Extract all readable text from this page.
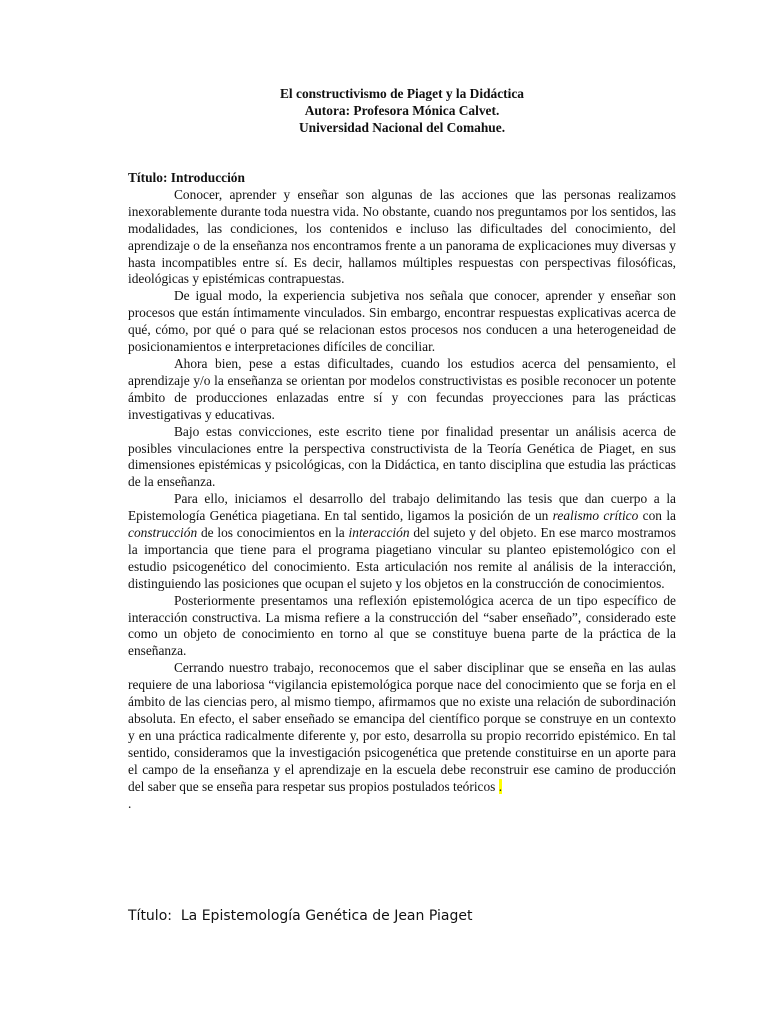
El constructivismo de Piaget y la Didáctica
Autora: Profesora Mónica Calvet.
Universidad Nacional del Comahue.

Título: Introducción

Conocer, aprender y enseñar son algunas de las acciones que las personas realizamos inexorablemente durante toda nuestra vida. No obstante, cuando nos preguntamos por los sentidos, las modalidades, las condiciones, los contenidos e incluso las dificultades del conocimiento, del aprendizaje o de la enseñanza nos encontramos frente a un panorama de explicaciones muy diversas y hasta incompatibles entre sí. Es decir, hallamos múltiples respuestas con perspectivas filosóficas, ideológicas y epistémicas contrapuestas.

De igual modo, la experiencia subjetiva nos señala que conocer, aprender y enseñar son procesos que están íntimamente vinculados. Sin embargo, encontrar respuestas explicativas acerca de qué, cómo, por qué o para qué se relacionan estos procesos nos conducen a una heterogeneidad de posicionamientos e interpretaciones difíciles de conciliar.

Ahora bien, pese a estas dificultades, cuando los estudios acerca del pensamiento, el aprendizaje y/o la enseñanza se orientan por modelos constructivistas es posible reconocer un potente ámbito de producciones enlazadas entre sí y con fecundas proyecciones para las prácticas investigativas y educativas.

Bajo estas convicciones, este escrito tiene por finalidad presentar un análisis acerca de posibles vinculaciones entre la perspectiva constructivista de la Teoría Genética de Piaget, en sus dimensiones epistémicas y psicológicas, con la Didáctica, en tanto disciplina que estudia las prácticas de la enseñanza.

Para ello, iniciamos el desarrollo del trabajo delimitando las tesis que dan cuerpo a la Epistemología Genética piagetiana. En tal sentido, ligamos la posición de un realismo crítico con la construcción de los conocimientos en la interacción del sujeto y del objeto. En ese marco mostramos la importancia que tiene para el programa piagetiano vincular su planteo epistemológico con el estudio psicogenético del conocimiento. Esta articulación nos remite al análisis de la interacción, distinguiendo las posiciones que ocupan el sujeto y los objetos en la construcción de conocimientos.

Posteriormente presentamos una reflexión epistemológica acerca de un tipo específico de interacción constructiva. La misma refiere a la construcción del “saber enseñado”, considerado este como un objeto de conocimiento en torno al que se constituye buena parte de la práctica de la enseñanza.

Cerrando nuestro trabajo, reconocemos que el saber disciplinar que se enseña en las aulas requiere de una laboriosa “vigilancia epistemológica porque nace del conocimiento que se forja en el ámbito de las ciencias pero, al mismo tiempo, afirmamos que no existe una relación de subordinación absoluta. En efecto, el saber enseñado se emancipa del científico porque se construye en un contexto y en una práctica radicalmente diferente y, por esto, desarrolla su propio recorrido epistémico. En tal sentido, consideramos que la investigación psicogenética que pretende constituirse en un aporte para el campo de la enseñanza y el aprendizaje en la escuela debe reconstruir ese camino de producción del saber que se enseña para respetar sus propios postulados teóricos .

.

Título:  La Epistemología Genética de Jean Piaget
